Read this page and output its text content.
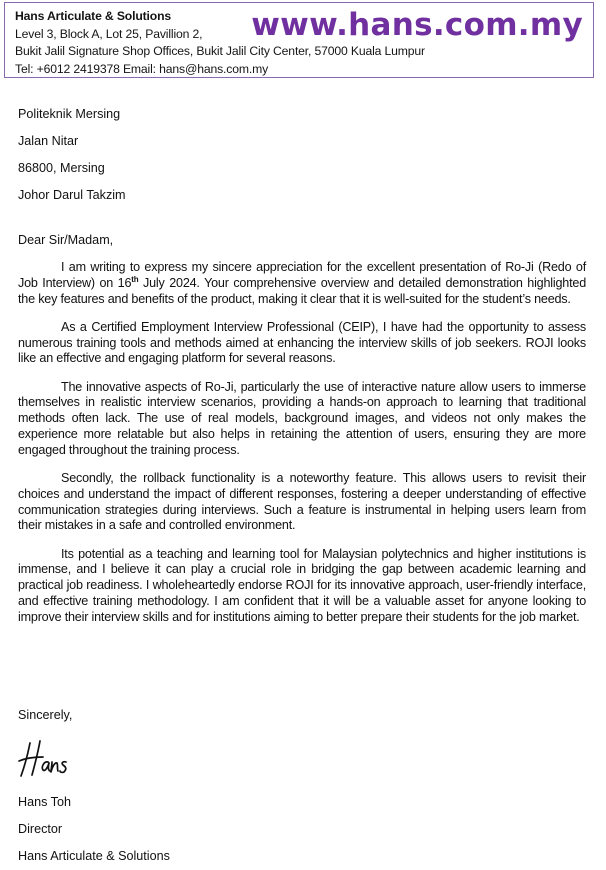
Hans Articulate & Solutions
Level 3, Block A, Lot 25, Pavillion 2,
Bukit Jalil Signature Shop Offices, Bukit Jalil City Center, 57000 Kuala Lumpur
Tel: +6012 2419378 Email: hans@hans.com.my
www.hans.com.my
Politeknik Mersing
Jalan Nitar
86800, Mersing
Johor Darul Takzim
Dear Sir/Madam,

I am writing to express my sincere appreciation for the excellent presentation of Ro-Ji (Redo of Job Interview) on 16th July 2024. Your comprehensive overview and detailed demonstration highlighted the key features and benefits of the product, making it clear that it is well-suited for the student’s needs.

As a Certified Employment Interview Professional (CEIP), I have had the opportunity to assess numerous training tools and methods aimed at enhancing the interview skills of job seekers. ROJI looks like an effective and engaging platform for several reasons.

The innovative aspects of Ro-Ji, particularly the use of interactive nature allow users to immerse themselves in realistic interview scenarios, providing a hands-on approach to learning that traditional methods often lack. The use of real models, background images, and videos not only makes the experience more relatable but also helps in retaining the attention of users, ensuring they are more engaged throughout the training process.

Secondly, the rollback functionality is a noteworthy feature. This allows users to revisit their choices and understand the impact of different responses, fostering a deeper understanding of effective communication strategies during interviews. Such a feature is instrumental in helping users learn from their mistakes in a safe and controlled environment.

Its potential as a teaching and learning tool for Malaysian polytechnics and higher institutions is immense, and I believe it can play a crucial role in bridging the gap between academic learning and practical job readiness. I wholeheartedly endorse ROJI for its innovative approach, user-friendly interface, and effective training methodology. I am confident that it will be a valuable asset for anyone looking to improve their interview skills and for institutions aiming to better prepare their students for the job market.

Sincerely,
Hans Toh
Director
Hans Articulate & Solutions
